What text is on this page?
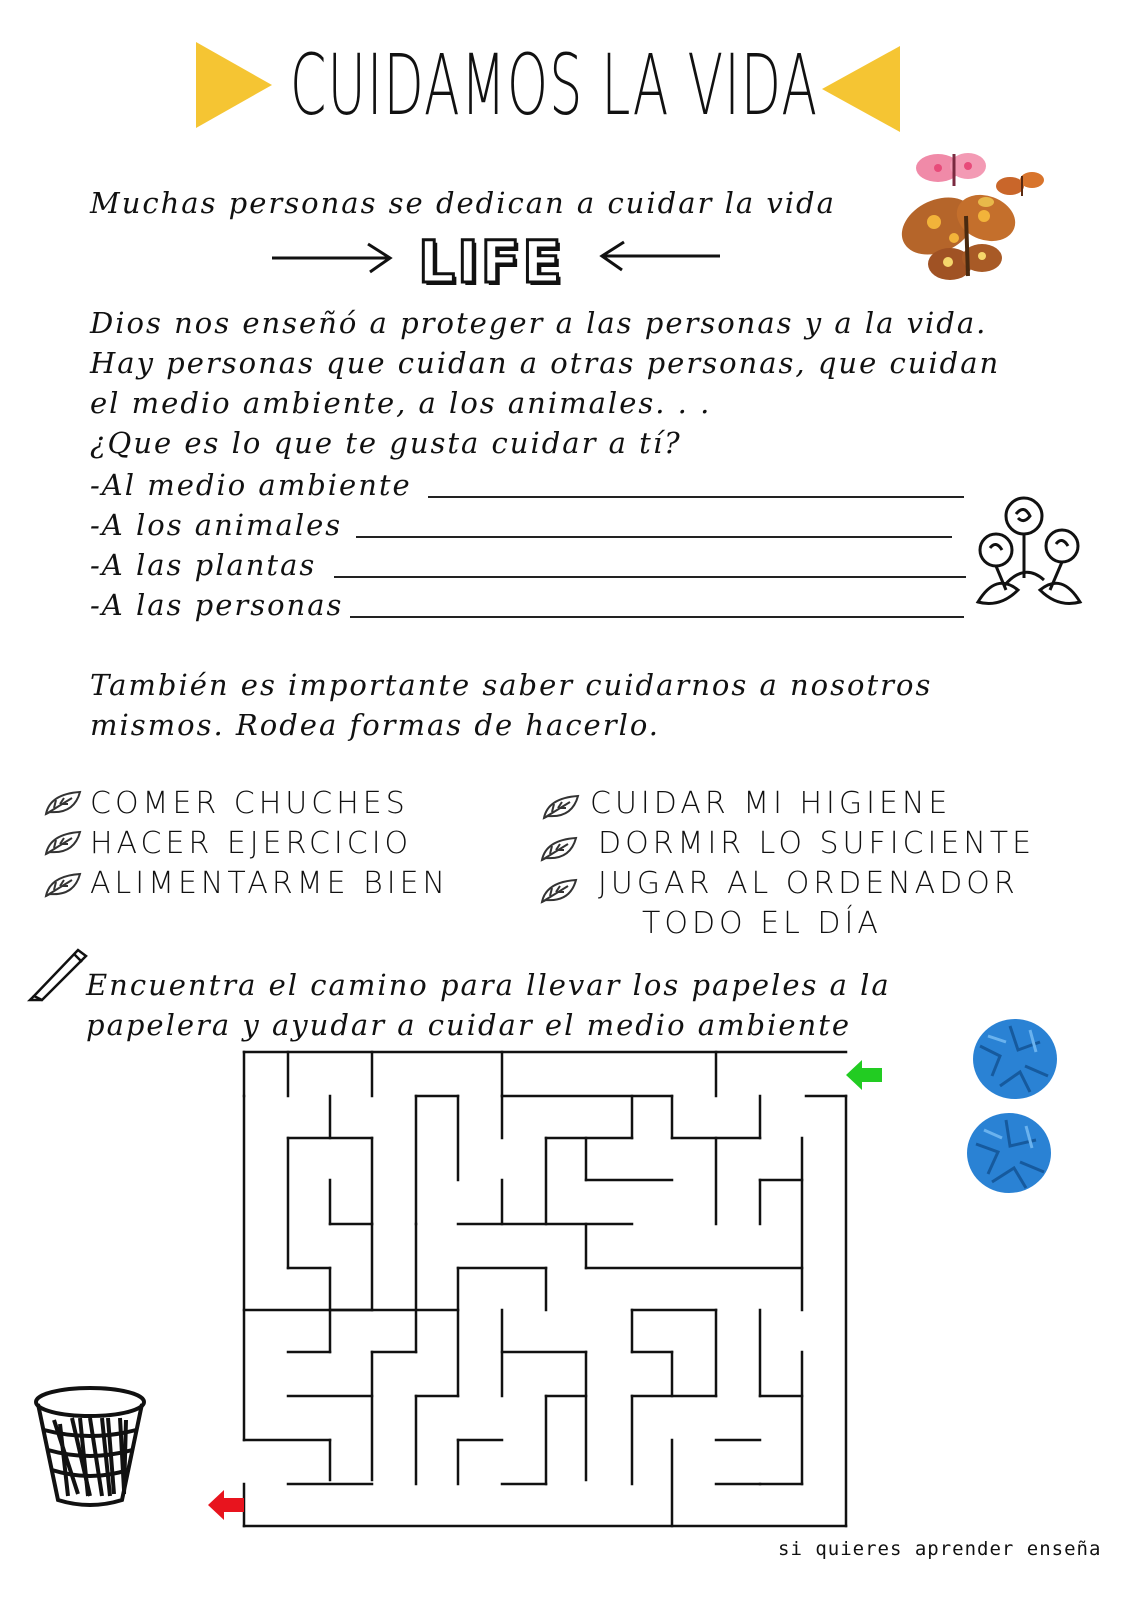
CUIDAMOS LA VIDA
Muchas personas se dedican a cuidar la vida
LIFE
Dios nos enseñó a proteger a las personas y a la vida.
Hay personas que cuidan a otras personas, que cuidan
el medio ambiente, a los animales. . .
¿Que es lo que te gusta cuidar a tí?
-Al medio ambiente
-A los animales
-A las plantas
-A las personas
También es importante saber cuidarnos a nosotros
mismos. Rodea formas de hacerlo.
COMER CHUCHES
HACER EJERCICIO
ALIMENTARME BIEN
CUIDAR MI HIGIENE
DORMIR LO SUFICIENTE
JUGAR AL ORDENADOR
TODO EL DÍA
Encuentra el camino para llevar los papeles a la
papelera y ayudar a cuidar el medio ambiente
si quieres aprender enseña
